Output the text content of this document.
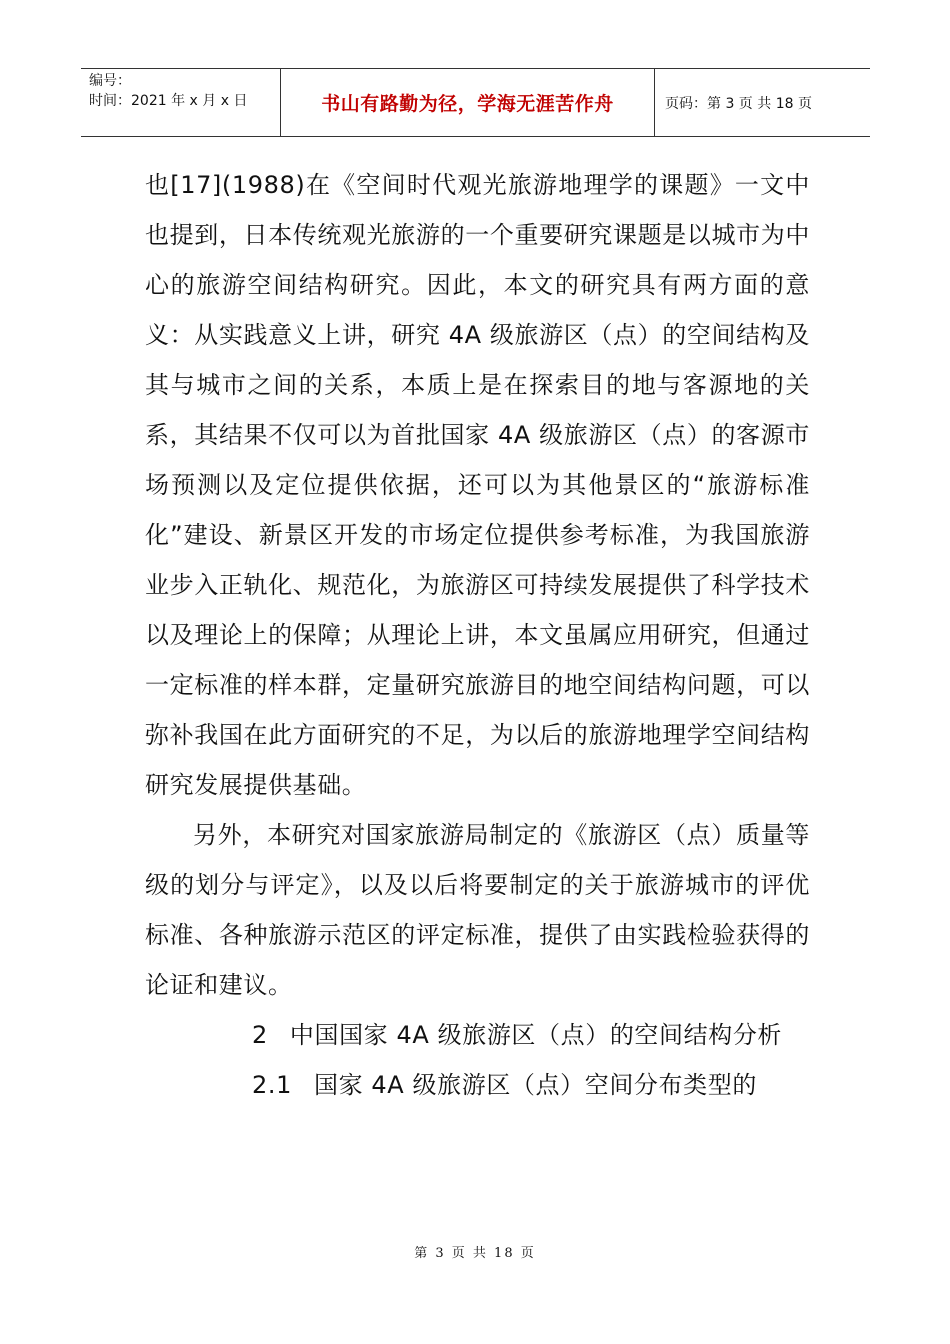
编号：
时间：2021 年 x 月 x 日	书山有路勤为径，学海无涯苦作舟	页码：第 3 页 共 18 页

也[17](1988)在《空间时代观光旅游地理学的课题》一文中也提到，日本传统观光旅游的一个重要研究课题是以城市为中心的旅游空间结构研究。因此，本文的研究具有两方面的意义：从实践意义上讲，研究 4A 级旅游区（点）的空间结构及其与城市之间的关系，本质上是在探索目的地与客源地的关系，其结果不仅可以为首批国家 4A 级旅游区（点）的客源市场预测以及定位提供依据，还可以为其他景区的“旅游标准化”建设、新景区开发的市场定位提供参考标准，为我国旅游业步入正轨化、规范化，为旅游区可持续发展提供了科学技术以及理论上的保障；从理论上讲，本文虽属应用研究，但通过一定标准的样本群，定量研究旅游目的地空间结构问题，可以弥补我国在此方面研究的不足，为以后的旅游地理学空间结构研究发展提供基础。

另外，本研究对国家旅游局制定的《旅游区（点）质量等级的划分与评定》，以及以后将要制定的关于旅游城市的评优标准、各种旅游示范区的评定标准，提供了由实践检验获得的论证和建议。

2 中国国家 4A 级旅游区（点）的空间结构分析

2.1 国家 4A 级旅游区（点）空间分布类型的

第 3 页 共 18 页
